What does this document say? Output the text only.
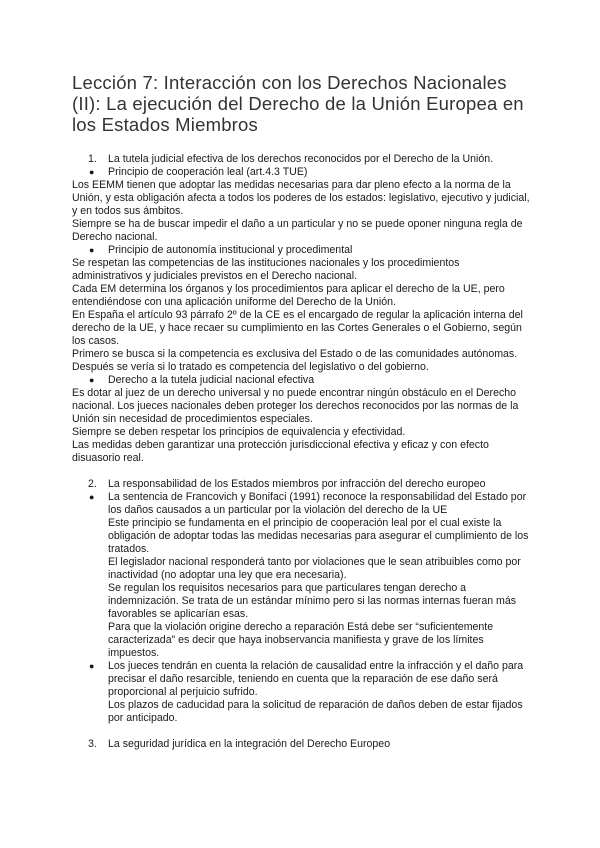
Lección 7: Interacción con los Derechos Nacionales (II): La ejecución del Derecho de la Unión Europea en los Estados Miembros
1.	La tutela judicial efectiva de los derechos reconocidos por el Derecho de la Unión.
●	Principio de cooperación leal (art.4.3 TUE)

Los EEMM tienen que adoptar las medidas necesarias para dar pleno efecto a la norma de la Unión, y esta obligación afecta a todos los poderes de los estados: legislativo, ejecutivo y judicial, y en todos sus ámbitos.

Siempre se ha de buscar impedir el daño a un particular y no se puede oponer ninguna regla de Derecho nacional.

●	Principio de autonomía institucional y procedimental

Se respetan las competencias de las instituciones nacionales y los procedimientos administrativos y judiciales previstos en el Derecho nacional.

Cada EM determina los órganos y los procedimientos para aplicar el derecho de la UE, pero entendiéndose con una aplicación uniforme del Derecho de la Unión.

En España el artículo 93 párrafo 2º de la CE es el encargado de regular la aplicación interna del derecho de la UE, y hace recaer su cumplimiento en las Cortes Generales o el Gobierno, según los casos.

Primero se busca si la competencia es exclusiva del Estado o de las comunidades autónomas.

Después se vería si lo tratado es competencia del legislativo o del gobierno.

●	Derecho a la tutela judicial nacional efectiva

Es dotar al juez de un derecho universal y no puede encontrar ningún obstáculo en el Derecho nacional. Los jueces nacionales deben proteger los derechos reconocidos por las normas de la Unión sin necesidad de procedimientos especiales.

Siempre se deben respetar los principios de equivalencia y efectividad.

Las medidas deben garantizar una protección jurisdiccional efectiva y eficaz y con efecto disuasorio real.

2.	La responsabilidad de los Estados miembros por infracción del derecho europeo
●	La sentencia de Francovich y Bonifaci (1991) reconoce la responsabilidad del Estado por los daños causados a un particular por la violación del derecho de la UE
Este principio se fundamenta en el principio de cooperación leal por el cual existe la obligación de adoptar todas las medidas necesarias para asegurar el cumplimiento de los tratados.
El legislador nacional responderá tanto por violaciones que le sean atribuibles como por inactividad (no adoptar una ley que era necesaria).
Se regulan los requisitos necesarios para que particulares tengan derecho a indemnización. Se trata de un estándar mínimo pero si las normas internas fueran más favorables se aplicarían esas.
Para que la violación origine derecho a reparación Está debe ser “suficientemente caracterizada” es decir que haya inobservancia manifiesta y grave de los límites impuestos.
●	Los jueces tendrán en cuenta la relación de causalidad entre la infracción y el daño para precisar el daño resarcible, teniendo en cuenta que la reparación de ese daño será proporcional al perjuicio sufrido.
Los plazos de caducidad para la solicitud de reparación de daños deben de estar fijados por anticipado.
3.	La seguridad jurídica en la integración del Derecho Europeo
